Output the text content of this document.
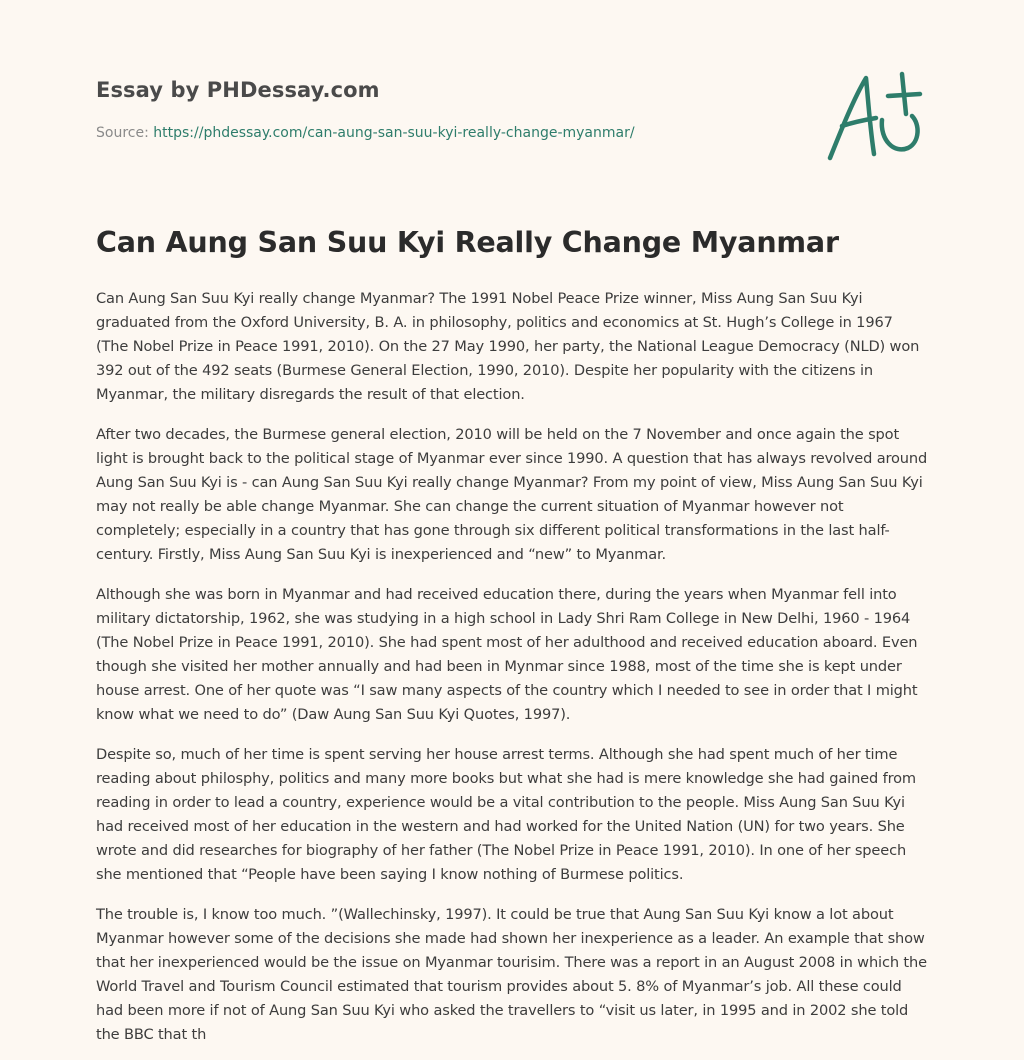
Essay by PHDessay.com
Source: https://phdessay.com/can-aung-san-suu-kyi-really-change-myanmar/
Can Aung San Suu Kyi Really Change Myanmar

Can Aung San Suu Kyi really change Myanmar? The 1991 Nobel Peace Prize winner, Miss Aung San Suu Kyi graduated from the Oxford University, B. A. in philosophy, politics and economics at St. Hugh’s College in 1967 (The Nobel Prize in Peace 1991, 2010). On the 27 May 1990, her party, the National League Democracy (NLD) won 392 out of the 492 seats (Burmese General Election, 1990, 2010). Despite her popularity with the citizens in Myanmar, the military disregards the result of that election.

After two decades, the Burmese general election, 2010 will be held on the 7 November and once again the spot light is brought back to the political stage of Myanmar ever since 1990. A question that has always revolved around Aung San Suu Kyi is - can Aung San Suu Kyi really change Myanmar? From my point of view, Miss Aung San Suu Kyi may not really be able change Myanmar. She can change the current situation of Myanmar however not completely; especially in a country that has gone through six different political transformations in the last half-century. Firstly, Miss Aung San Suu Kyi is inexperienced and “new” to Myanmar.

Although she was born in Myanmar and had received education there, during the years when Myanmar fell into military dictatorship, 1962, she was studying in a high school in Lady Shri Ram College in New Delhi, 1960 - 1964 (The Nobel Prize in Peace 1991, 2010). She had spent most of her adulthood and received education aboard. Even though she visited her mother annually and had been in Mynmar since 1988, most of the time she is kept under house arrest. One of her quote was “I saw many aspects of the country which I needed to see in order that I might know what we need to do” (Daw Aung San Suu Kyi Quotes, 1997).

Despite so, much of her time is spent serving her house arrest terms. Although she had spent much of her time reading about philosphy, politics and many more books but what she had is mere knowledge she had gained from reading in order to lead a country, experience would be a vital contribution to the people. Miss Aung San Suu Kyi had received most of her education in the western and had worked for the United Nation (UN) for two years. She wrote and did researches for biography of her father (The Nobel Prize in Peace 1991, 2010). In one of her speech she mentioned that “People have been saying I know nothing of Burmese politics.

The trouble is, I know too much. ”(Wallechinsky, 1997). It could be true that Aung San Suu Kyi know a lot about Myanmar however some of the decisions she made had shown her inexperience as a leader. An example that show that her inexperienced would be the issue on Myanmar tourisim. There was a report in an August 2008 in which the World Travel and Tourism Council estimated that tourism provides about 5. 8% of Myanmar’s job. All these could had been more if not of Aung San Suu Kyi who asked the travellers to “visit us later, in 1995 and in 2002 she told the BBC that th
